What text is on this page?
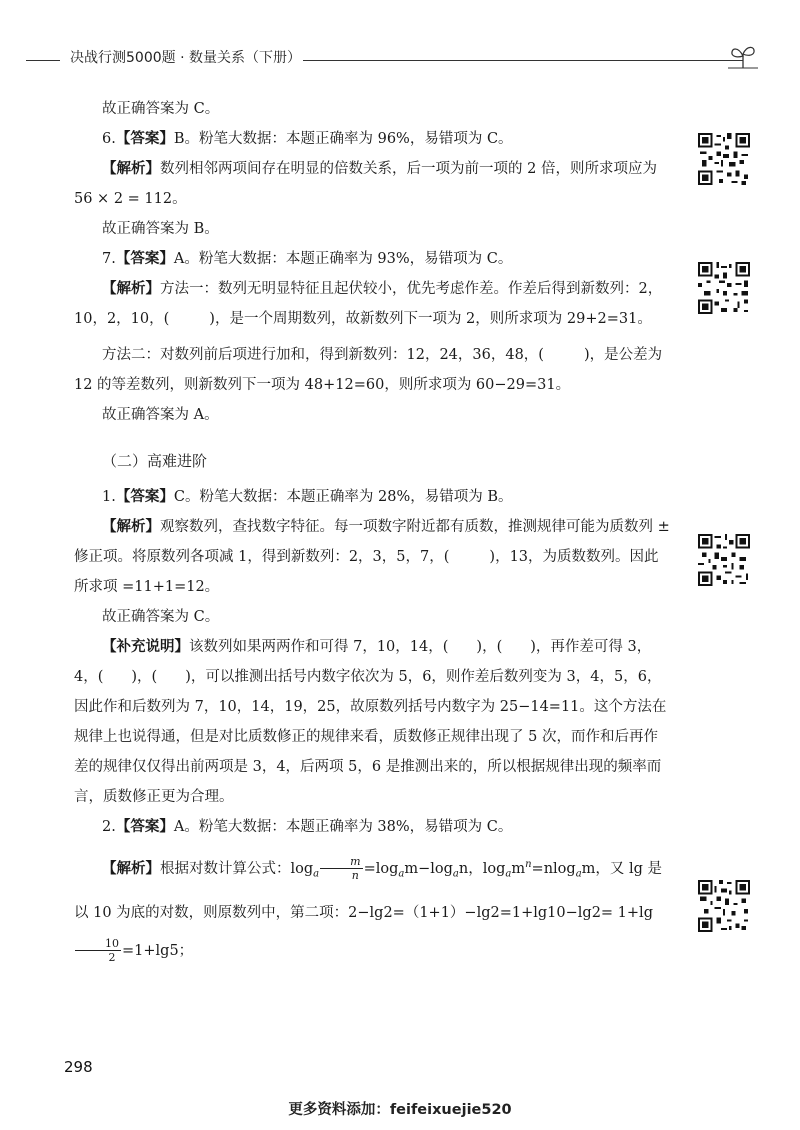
决战行测5000题 · 数量关系（下册）

故正确答案为 C。

6.【答案】B。粉笔大数据：本题正确率为 96%，易错项为 C。

【解析】数列相邻两项间存在明显的倍数关系，后一项为前一项的 2 倍，则所求项应为 56 × 2 = 112。

故正确答案为 B。

7.【答案】A。粉笔大数据：本题正确率为 93%，易错项为 C。

【解析】方法一：数列无明显特征且起伏较小，优先考虑作差。作差后得到新数列：2，10，2，10，(	)，是一个周期数列，故新数列下一项为 2，则所求项为 29+2=31。

方法二：对数列前后项进行加和，得到新数列：12，24，36，48，(	)，是公差为 12 的等差数列，则新数列下一项为 48+12=60，则所求项为 60−29=31。

故正确答案为 A。

（二）高难进阶

1.【答案】C。粉笔大数据：本题正确率为 28%，易错项为 B。

【解析】观察数列，查找数字特征。每一项数字附近都有质数，推测规律可能为质数列 ± 修正项。将原数列各项减 1，得到新数列：2，3，5，7，(	)，13，为质数数列。因此所求项 =11+1=12。

故正确答案为 C。

【补充说明】该数列如果两两作和可得 7，10，14，( )，( )，再作差可得 3，4，( )，( )，可以推测出括号内数字依次为 5，6，则作差后数列变为 3，4，5，6，因此作和后数列为 7，10，14，19，25，故原数列括号内数字为 25−14=11。这个方法在规律上也说得通，但是对比质数修正的规律来看，质数修正规律出现了 5 次，而作和后再作差的规律仅仅得出前两项是 3，4，后两项 5，6 是推测出来的，所以根据规律出现的频率而言，质数修正更为合理。

2.【答案】A。粉笔大数据：本题正确率为 38%，易错项为 C。

【解析】根据对数计算公式：$\log_a \frac{m}{n} =\log_am-\log_an$，$\log_am^n=nlog_am$，又 lg 是以 10 为底的对数，则原数列中，第二项：2−lg2=（1+1）−lg2=1+lg10−lg2= 1+lg
$\frac{10}{2} =1+\lg 5$；

298
更多资料添加：feifeixuejie520
